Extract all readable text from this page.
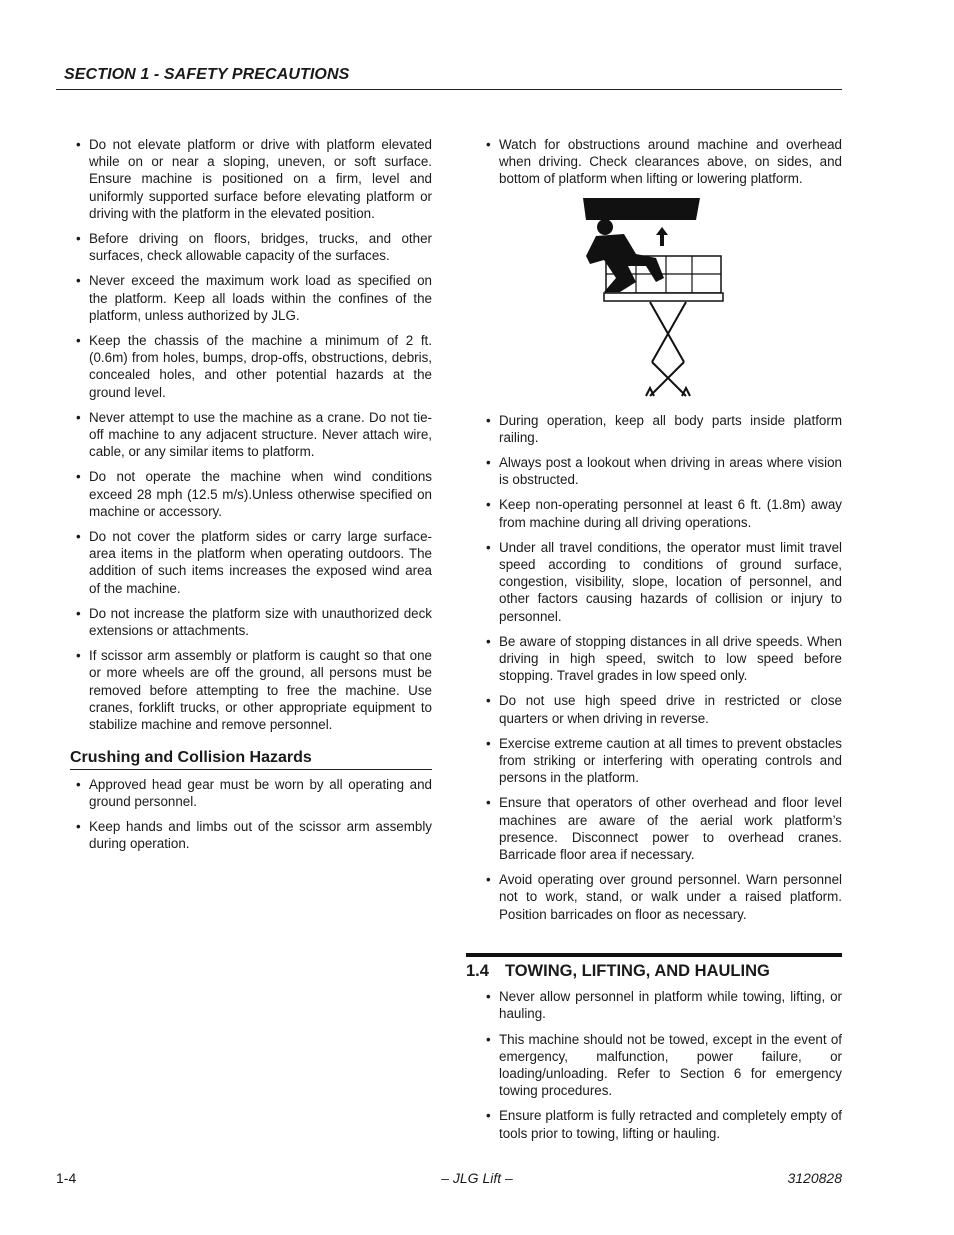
SECTION 1 - SAFETY PRECAUTIONS
• Do not elevate platform or drive with platform elevated while on or near a sloping, uneven, or soft surface. Ensure machine is positioned on a firm, level and uniformly supported surface before elevating platform or driving with the platform in the elevated position.
• Before driving on floors, bridges, trucks, and other surfaces, check allowable capacity of the surfaces.
• Never exceed the maximum work load as specified on the platform. Keep all loads within the confines of the platform, unless authorized by JLG.
• Keep the chassis of the machine a minimum of 2 ft. (0.6m) from holes, bumps, drop-offs, obstructions, debris, concealed holes, and other potential hazards at the ground level.
• Never attempt to use the machine as a crane. Do not tie-off machine to any adjacent structure. Never attach wire, cable, or any similar items to platform.
• Do not operate the machine when wind conditions exceed 28 mph (12.5 m/s).Unless otherwise specified on machine or accessory.
• Do not cover the platform sides or carry large surface-area items in the platform when operating outdoors. The addition of such items increases the exposed wind area of the machine.
• Do not increase the platform size with unauthorized deck extensions or attachments.
• If scissor arm assembly or platform is caught so that one or more wheels are off the ground, all persons must be removed before attempting to free the machine. Use cranes, forklift trucks, or other appropriate equipment to stabilize machine and remove personnel.
Crushing and Collision Hazards
• Approved head gear must be worn by all operating and ground personnel.
• Keep hands and limbs out of the scissor arm assembly during operation.
• Watch for obstructions around machine and overhead when driving. Check clearances above, on sides, and bottom of platform when lifting or lowering platform.
• During operation, keep all body parts inside platform railing.
• Always post a lookout when driving in areas where vision is obstructed.
• Keep non-operating personnel at least 6 ft. (1.8m) away from machine during all driving operations.
• Under all travel conditions, the operator must limit travel speed according to conditions of ground surface, congestion, visibility, slope, location of personnel, and other factors causing hazards of collision or injury to personnel.
• Be aware of stopping distances in all drive speeds. When driving in high speed, switch to low speed before stopping. Travel grades in low speed only.
• Do not use high speed drive in restricted or close quarters or when driving in reverse.
• Exercise extreme caution at all times to prevent obstacles from striking or interfering with operating controls and persons in the platform.
• Ensure that operators of other overhead and floor level machines are aware of the aerial work platform’s presence. Disconnect power to overhead cranes. Barricade floor area if necessary.
• Avoid operating over ground personnel. Warn personnel not to work, stand, or walk under a raised platform. Position barricades on floor as necessary.
1.4 TOWING, LIFTING, AND HAULING
• Never allow personnel in platform while towing, lifting, or hauling.
• This machine should not be towed, except in the event of emergency, malfunction, power failure, or loading/unloading. Refer to Section 6 for emergency towing procedures.
• Ensure platform is fully retracted and completely empty of tools prior to towing, lifting or hauling.
1-4	– JLG Lift –	3120828
